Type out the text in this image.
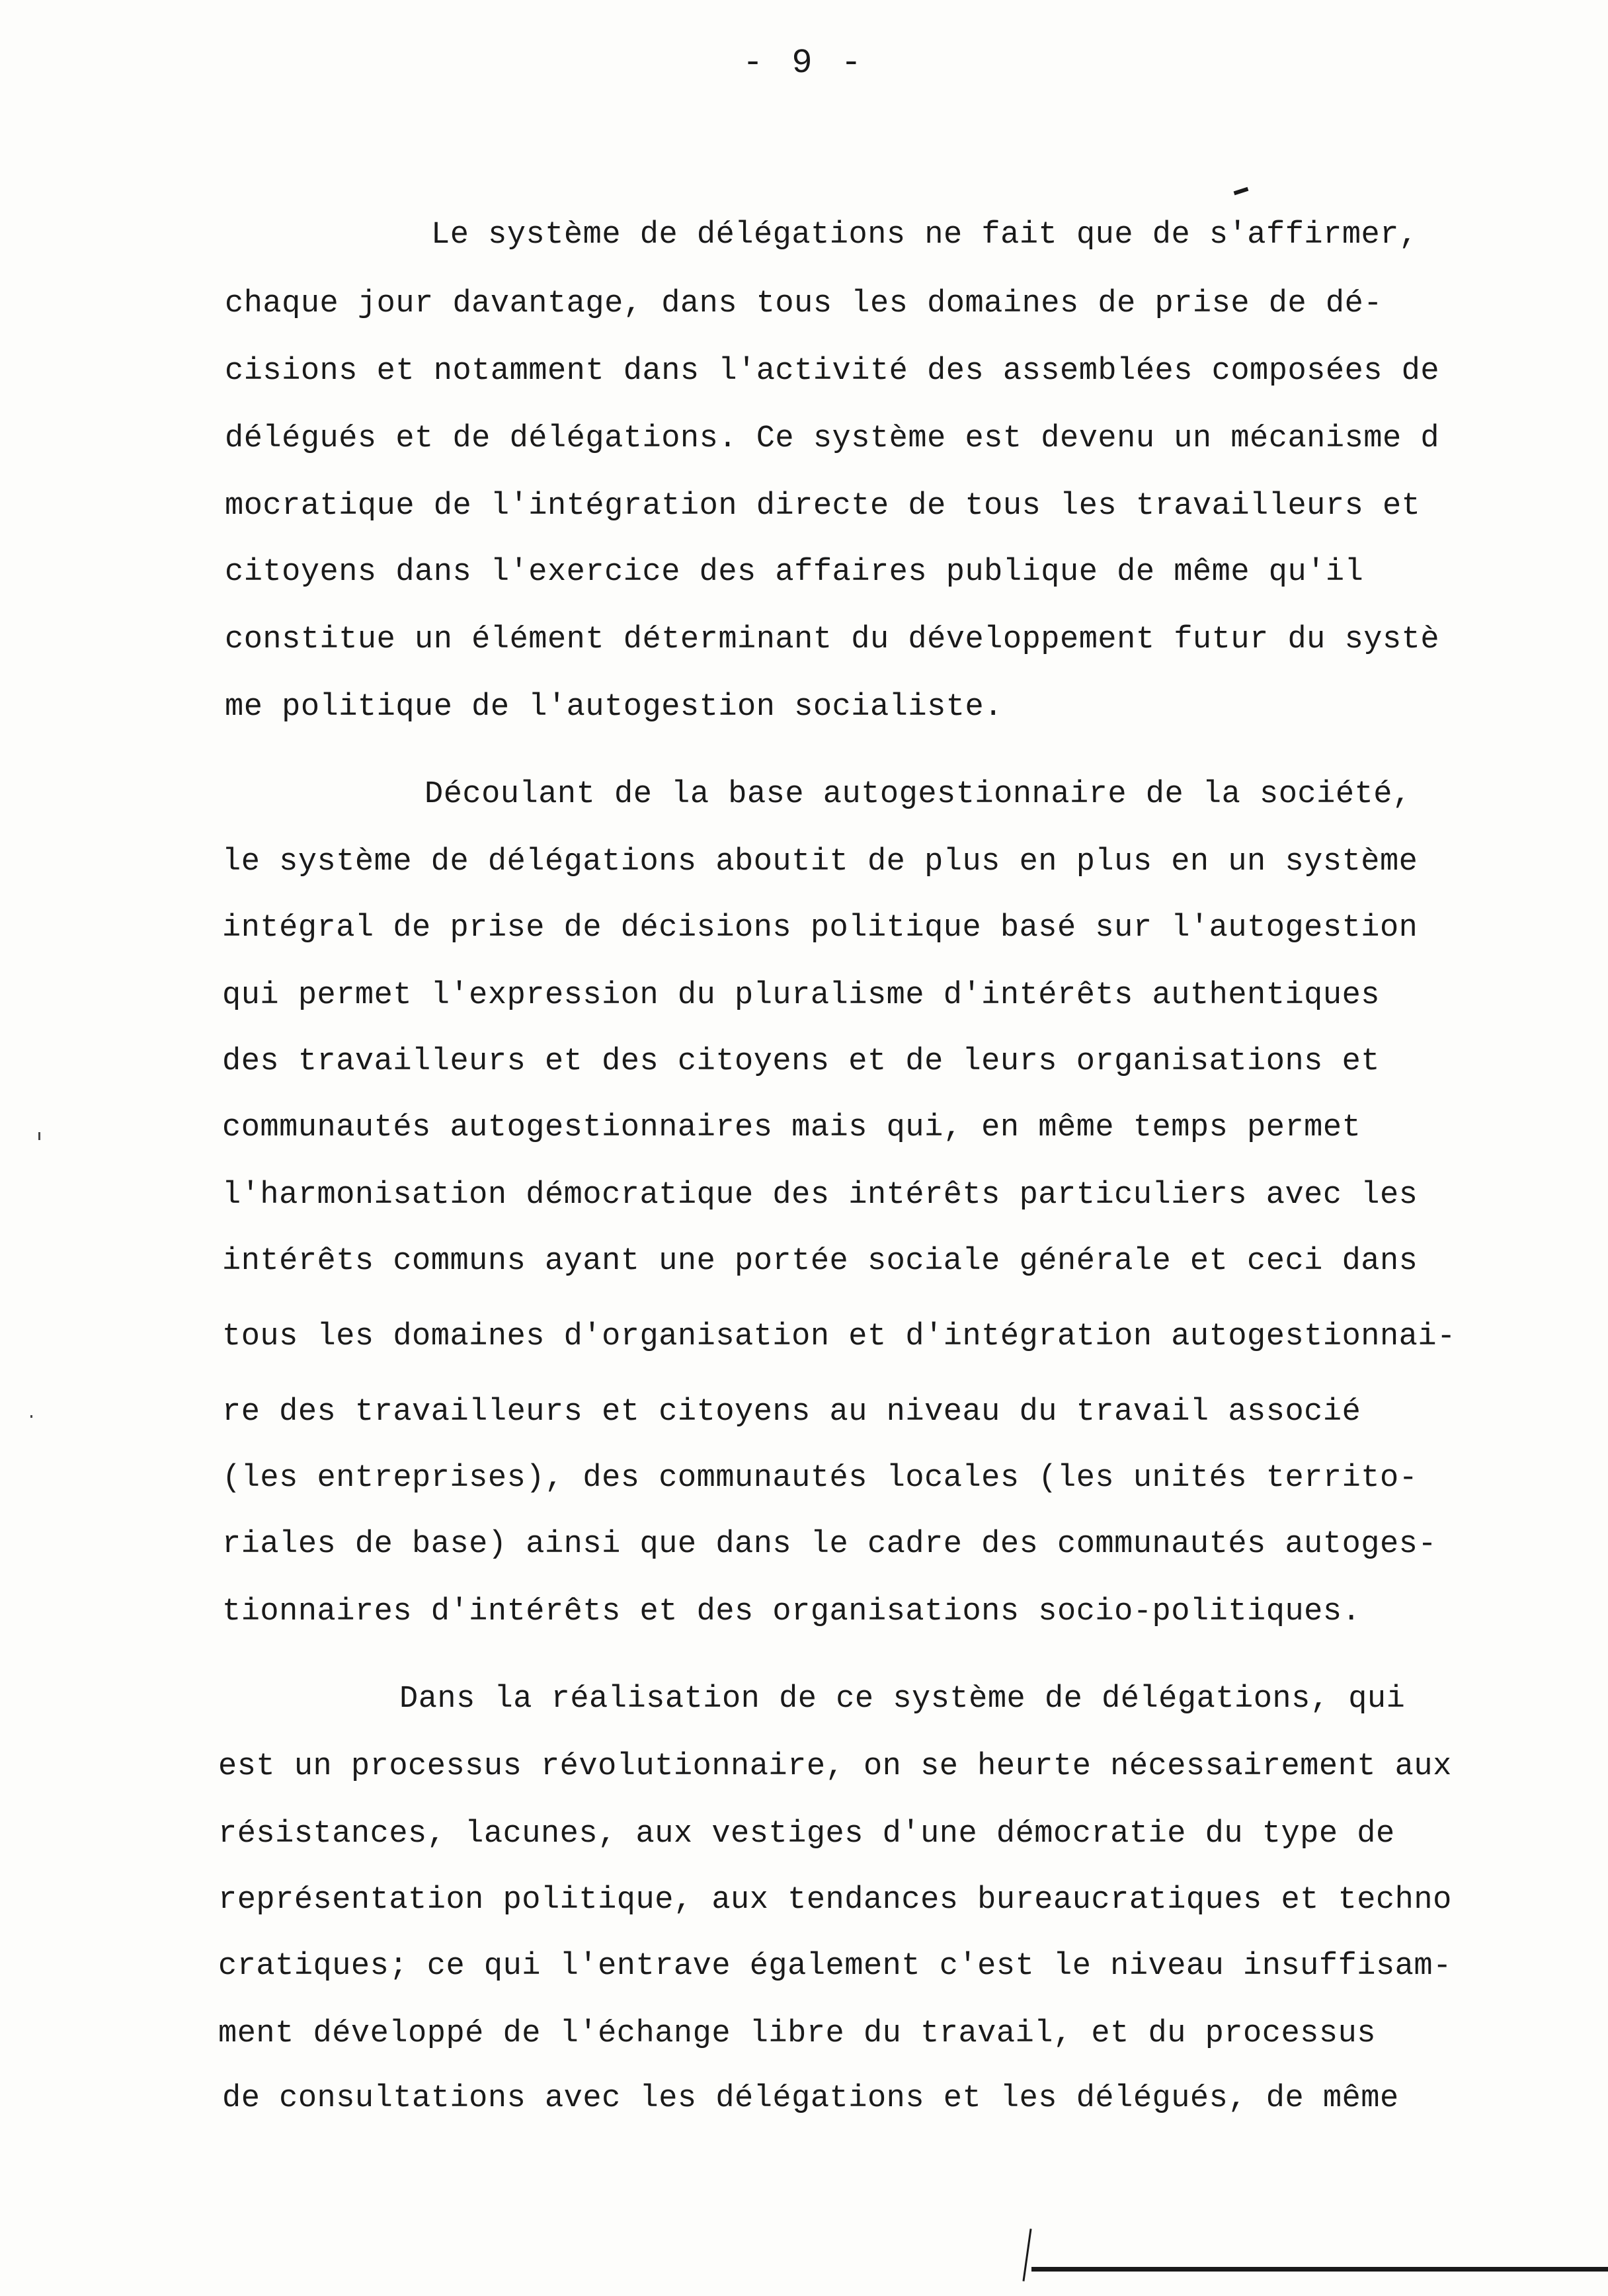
- 9 -
Le système de délégations ne fait que de s'affirmer,
chaque jour davantage, dans tous les domaines de prise de dé-
cisions et notamment dans l'activité des assemblées composées de
délégués et de délégations. Ce système est devenu un mécanisme d
mocratique de l'intégration directe de tous les travailleurs et
citoyens dans l'exercice des affaires publique de même qu'il
constitue un élément déterminant du développement futur du systè
me politique de l'autogestion socialiste.
Découlant de la base autogestionnaire de la société,
le système de délégations aboutit de plus en plus en un système
intégral de prise de décisions politique basé sur l'autogestion
qui permet l'expression du pluralisme d'intérêts authentiques
des travailleurs et des citoyens et de leurs organisations et
communautés autogestionnaires mais qui, en même temps permet
l'harmonisation démocratique des intérêts particuliers avec les
intérêts communs ayant une portée sociale générale et ceci dans
tous les domaines d'organisation et d'intégration autogestionnai-
re des travailleurs et citoyens au niveau du travail associé
(les entreprises), des communautés locales (les unités territo-
riales de base) ainsi que dans le cadre des communautés autoges-
tionnaires d'intérêts et des organisations socio-politiques.
Dans la réalisation de ce système de délégations, qui
est un processus révolutionnaire, on se heurte nécessairement aux
résistances, lacunes, aux vestiges d'une démocratie du type de
représentation politique, aux tendances bureaucratiques et techno
cratiques; ce qui l'entrave également c'est le niveau insuffisam-
ment développé de l'échange libre du travail, et du processus
de consultations avec les délégations et les délégués, de même
